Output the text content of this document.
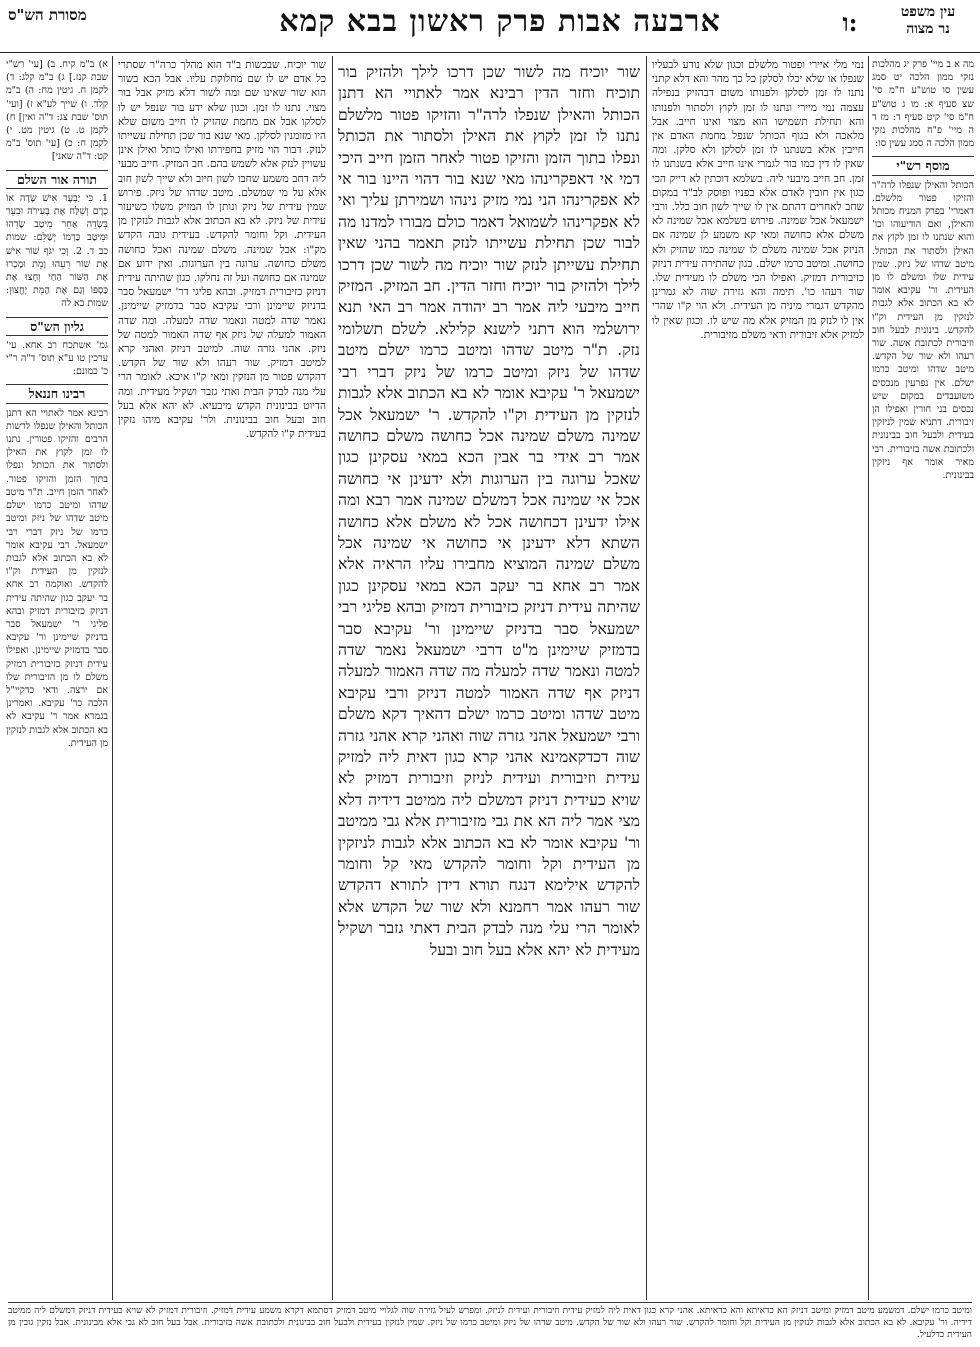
מסורת הש"ס	ארבעה אבות פרק ראשון בבא קמא	ו:	עין משפט
נר מצוה

מה א ב מיי' פרק יג מהלכות נזקי ממון הלכה יט סמג עשין סו טוש"ע ח"מ סי' שצ סעיף א: מו ג טוש"ע ח"מ סי' קיט סעיף ד: מז ד ה מיי' פ"ח מהלכות נזקי ממון הלכה ה סמג עשין סו:

מוסף רש"י

הכותל והאילן שנפלו לרה"ר והזיקו פטור מלשלם. דאמרי' בפרק המניח מכותל והאילן, ואם הודיעוהו וכו' והוא שנתנו לו זמן לקוץ את האילן ולסתור את הכותל. מיטב שדהו של ניזק. שמין עידית שלו ומשלם לו מן העידית. ור' עקיבא אומר לא בא הכתוב אלא לגבות לנזקין מן העידית וק"ו להקדש. בינונית לבעל חוב וזיבורית לכתובת אשה. שור רעהו ולא שור של הקדש. מיטב שדהו ומיטב כרמו ישלם. אין נפרעין מנכסים משועבדים במקום שיש נכסים בני חורין ואפילו הן זיבורית. דתניא שמין לניזקין בעידית ולבעל חוב בבינונית ולכתובת אשה בזיבורית. רבי מאיר אומר אף ניזקין בבינונית.

נמי מלי איירי ופטור מלשלם וכגון שלא נודע לבעליו שנפלו או שלא יכלו לסלקן כל כך מהר והא דלא קתני נתנו לו זמן לסלקן ולפנותו משום דבהזיק בנפילה עצמה נמי מיירי ונתנו לו זמן לקוץ ולסתור ולפנותו והא תחילת תשמישו הוא מצוי ואינו חייב. אבל מלאכה ולא בגוף הכותל שנפל מחמת האדם אין חייבין אלא בשנתנו לו זמן לסלקן ולא סלקן. ומה שאין לו דין כמו בור לגמרי אינו חייב אלא בשנתנו לו זמן. חב חייב מיבעי ליה. בשלמא דוכתין לא דייק הכי כגון אין חובין לאדם אלא בפניו ופוסק לב"ד במקום שחב לאחרים דהתם אין לו שייך לשון חוב כלל. ורבי ישמעאל אכל שמינה. פירוש בשלמא אכל שמינה לא משלם אלא כחושה ומאי קא משמע לן שמינה אם הניזק אכל שמינה משלם לו שמינה כמו שהזיק ולא כחושה. ומיטב כרמו ישלם. כגון שהתירה עידית דניזק כזיבורית דמזיק. ואפילו הכי משלם לו מעידית שלו. שור רעהו כו'. תימה והא גזירה שוה לא גמרינן מהקדש דגמרי מיניה מן העידית. ולא הוי ק"ו שהרי אין לו לנזק מן המזיק אלא מה שיש לו. וכגון שאין לו למזיק אלא זיבורית ודאי משלם מזיבורית.

שור יוכיח מה לשור שכן דרכו לילך ולהזיק בור תוכיח וחזר הדין רבינא אמר לאתויי הא דתנן הכותל והאילן שנפלו לרה"ר והזיקו פטור מלשלם נתנו לו זמן לקוץ את האילן ולסתור את הכותל ונפלו בתוך הזמן והזיקו פטור לאחר הזמן חייב היכי דמי אי דאפקרינהו מאי שנא בור דהוי היינו בור אי לא אפקרינהו הני נמי מזיק נינהו ושמירתן עליך ואי לא אפקרינהו לשמואל דאמר כולם מבורו למדנו מה לבור שכן תחילת עשייתו לנזק תאמר בהני שאין תחילת עשייתן לנזק שור יוכיח מה לשור שכן דרכו לילך ולהזיק בור יוכיח וחזר הדין. חב המזיק. המזיק חייב מיבעי ליה אמר רב יהודה אמר רב האי תנא ירושלמי הוא דתני לישנא קלילא. לשלם תשלומי נזק. ת"ר מיטב שדהו ומיטב כרמו ישלם מיטב שדהו של ניזק ומיטב כרמו של ניזק דברי רבי ישמעאל ר' עקיבא אומר לא בא הכתוב אלא לגבות לנזקין מן העידית וק"ו להקדש. ר' ישמעאל אכל שמינה משלם שמינה אכל כחושה משלם כחושה אמר רב אידי בר אבין הכא במאי עסקינן כגון שאכל ערוגה בין הערוגות ולא ידעינן אי כחושה אכל אי שמינה אכל דמשלם שמינה אמר רבא ומה אילו ידעינן דכחושה אכל לא משלם אלא כחושה השתא דלא ידעינן אי כחושה אי שמינה אכל משלם שמינה המוציא מחבירו עליו הראיה אלא אמר רב אחא בר יעקב הכא במאי עסקינן כגון שהיתה עידית דניזק כזיבורית דמזיק ובהא פליגי רבי ישמעאל סבר בדניזק שיימינן ור' עקיבא סבר בדמזיק שיימינן מ"ט דרבי ישמעאל נאמר שדה למטה ונאמר שדה למעלה מה שדה האמור למעלה דניזק אף שדה האמור למטה דניזק ורבי עקיבא מיטב שדהו ומיטב כרמו ישלם דהאיך דקא משלם ורבי ישמעאל אהני גזרה שוה ואהני קרא אהני גזרה שוה דכדקאמינא אהני קרא כגון דאית ליה למזיק עידית וזיבורית ועידית לניזק וזיבורית דמזיק לא שויא כעידית דניזק דמשלם ליה ממיטב דידיה דלא מצי אמר ליה הא את גבי מזיבורית אלא גבי ממיטב ור' עקיבא אומר לא בא הכתוב אלא לגבות לניזקין מן העידית וקל וחומר להקדש מאי קל וחומר להקדש אילימא דנגח תורא דידן לתורא דהקדש שור רעהו אמר רחמנא ולא שור של הקדש אלא לאומר הרי עלי מנה לבדק הבית דאתי גזבר ושקיל מעידית לא יהא אלא בעל חוב ובעל

שור יוכיח. שבכשות ב"ד הוא מהלך כרה"ר שסתרי כל אדם יש לו שם מחלוקת עליו. אבל הכא בשור הוא שור שאינו שם ומה לשור דלא מזיק אבל בור מצוי. נתנו לו זמן. וכגון שלא ידע בור שנפל יש לו לסלקו אבל אם מחמת שהזיק לו חייב משום שלא היו מזומנין לסלקן. מאי שנא בור שכן תחילת עשייתו לנזק. דבור הוי מזיק בחפירתו ואילו כותל ואילן אינן עשויין לנזק אלא לשמש בהם. חב המזיק. חייב מבעי ליה דחב משמע שחבו לשון חיוב ולא שייך לשון חוב אלא על מי שמשלם. מיטב שדהו של ניזק. פירוש שמין עידית של ניזק ונותן לו המזיק משלו כשיעור עידית של ניזק. לא בא הכתוב אלא לגבות לנזקין מן העידית. וקל וחומר להקדש. בעידית גובה הקדש מק"ו: אכל שמינה. משלם שמינה ואכל כחושה משלם כחושה. ערוגה בין הערוגות. ואין ידוע אם שמינה אם כחושה ועל זה נחלקו. כגון שהיתה עידית דניזק כזיבורית דמזיק. ובהא פליגי דר' ישמעאל סבר בדניזק שיימינן ורבי עקיבא סבר בדמזיק שיימינן. נאמר שדה למטה ונאמר שדה למעלה. ומה שדה האמור למעלה של ניזק אף שדה האמור למטה של ניזק. אהני גזרה שוה. למיטב דניזק ואהני קרא למיטב דמזיק. שור רעהו ולא שור של הקדש. דהקדש פטור מן הנזקין ומאי ק"ו איכא. לאומר הרי עלי מנה לבדק הבית ואתי גזבר ושקיל מעידית. ומה הדיוט בבינונית הקדש מיבעיא. לא יהא אלא בעל חוב ובעל חוב בבינונית. ולר' עקיבא מיהו נזקין בעידית ק"ו להקדש.

א) ב"מ קיח. ב) [עי' רש"י שבת קנז.] ג) ב"מ קלג: ד) לקמן ח. גיטין מח: ה) ב"מ קלד. ו) שייך לע"א ז) [ועי' תוס' שבת צג: ד"ה ואין] ח) לקמן ט. ט) גיטין מט. י) לקמן ח: כ) [עי' תוס' ב"מ קט: ד"ה שאני]

תורה אור השלם

1. כִּי יַבְעֶר אִישׁ שָׂדֶה אוֹ כֶרֶם וְשִׁלַּח אֶת בְּעִירֹה וּבִעֵר בִּשְׂדֵה אַחֵר מֵיטַב שָׂדֵהוּ וּמֵיטַב כַּרְמוֹ יְשַׁלֵּם: שמות כב ד. 2. וְכִי יִגֹּף שׁוֹר אִישׁ אֶת שׁוֹר רֵעֵהוּ וָמֵת וּמָכְרוּ אֶת הַשּׁוֹר הַחַי וְחָצוּ אֶת כַּסְפּוֹ וְגַם אֶת הַמֵּת יֶחֱצוּן: שמות כא לה

גליון הש"ס

גמ' אשתכח רב אחא. עי' ערכין טו ע"א תוס' ד"ה ר"י כ' כמונם:

רבינו חננאל

רבינא אמר לאתויי הא דתנן הכותל והאילן שנפלו לרשות הרבים והזיקו פטורין. נתנו לו זמן לקוץ את האילן ולסתור את הכותל ונפלו בתוך הזמן והזיקו פטור. לאחר הזמן חייב. ת"ר מיטב שדהו ומיטב כרמו ישלם מיטב שדהו של ניזק ומיטב כרמו של ניזק דברי רבי ישמעאל. רבי עקיבא אומר לא בא הכתוב אלא לגבות לנזקין מן העידית וק"ו להקדש. ואוקמה רב אחא בר יעקב כגון שהיתה עידית דניזק כזיבורית דמזיק ובהא פליגי ר' ישמעאל סבר בדניזק שיימינן ור' עקיבא סבר בדמזיק שיימינן. ואפילו עידית דניזק כזיבורית דמזיק משלם לו מן הזיבורית שלו אם ירצה. ודאי כדקיי"ל הלכה כר' עקיבא. ואמרינן בגמרא אמר ר' עקיבא לא בא הכתוב אלא לגבות לנזקין מן העידית.

ומיטב כרמו ישלם. דמשמע מיטב דמזיק ומיטב דניזק הא כדאיתא והא כדאיתא. אהני קרא כגון דאית ליה למזיק עידית וזיבורית ועידית לניזק. ומפרש לעיל גזירה שוה לגלויי מיטב דמזיק דסתמא דקרא משמע עידית דמזיק. וזיבורית דמזיק לא שויא כעידית דניזק דמשלם ליה ממיטב דידיה. ור' עקיבא. לא בא הכתוב אלא לגבות לנזקין מן העידית וקל וחומר להקדש. שור רעהו ולא שור של הקדש. מיטב שדהו של ניזק ומיטב כרמו של ניזק. שמין לנזקין בעידית ולבעל חוב בבינונית ולכתובת אשה בזיבורית. אבל בעל חוב לא גבי אלא מבינונית. אבל נזקין גובין מן העידית כדלעיל.
